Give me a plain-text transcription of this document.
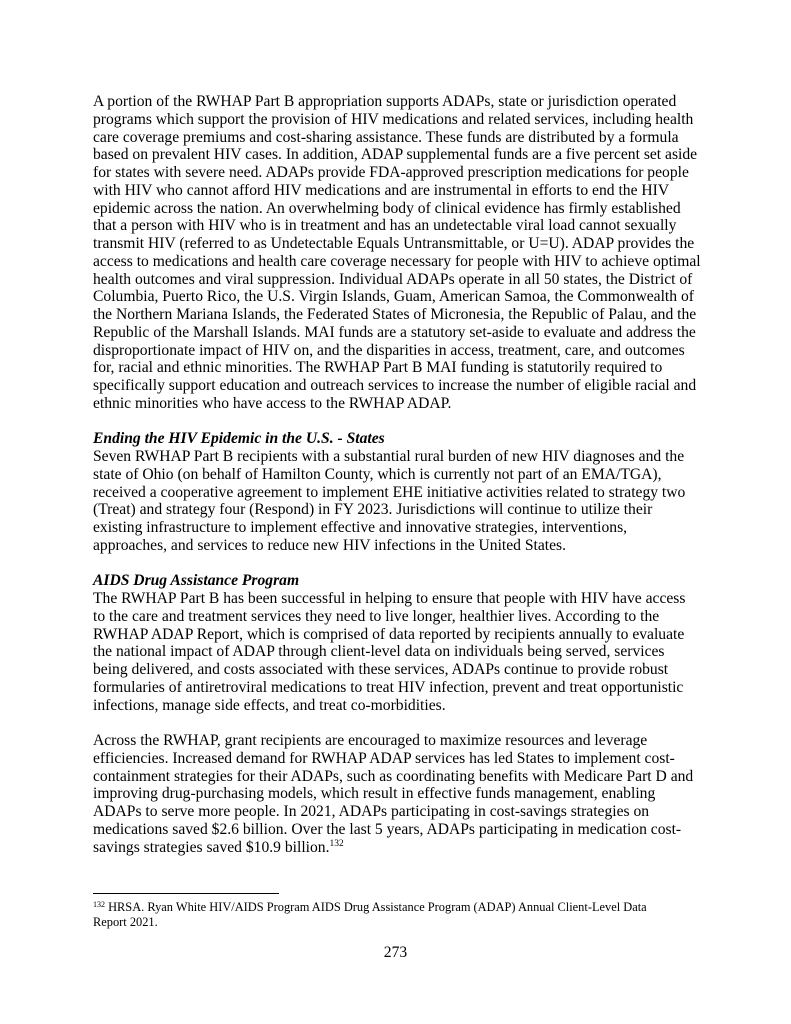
A portion of the RWHAP Part B appropriation supports ADAPs, state or jurisdiction operated
programs which support the provision of HIV medications and related services, including health
care coverage premiums and cost-sharing assistance. These funds are distributed by a formula
based on prevalent HIV cases. In addition, ADAP supplemental funds are a five percent set aside
for states with severe need. ADAPs provide FDA-approved prescription medications for people
with HIV who cannot afford HIV medications and are instrumental in efforts to end the HIV
epidemic across the nation. An overwhelming body of clinical evidence has firmly established
that a person with HIV who is in treatment and has an undetectable viral load cannot sexually
transmit HIV (referred to as Undetectable Equals Untransmittable, or U=U). ADAP provides the
access to medications and health care coverage necessary for people with HIV to achieve optimal
health outcomes and viral suppression. Individual ADAPs operate in all 50 states, the District of
Columbia, Puerto Rico, the U.S. Virgin Islands, Guam, American Samoa, the Commonwealth of
the Northern Mariana Islands, the Federated States of Micronesia, the Republic of Palau, and the
Republic of the Marshall Islands. MAI funds are a statutory set-aside to evaluate and address the
disproportionate impact of HIV on, and the disparities in access, treatment, care, and outcomes
for, racial and ethnic minorities. The RWHAP Part B MAI funding is statutorily required to
specifically support education and outreach services to increase the number of eligible racial and
ethnic minorities who have access to the RWHAP ADAP.

Ending the HIV Epidemic in the U.S. - States

Seven RWHAP Part B recipients with a substantial rural burden of new HIV diagnoses and the
state of Ohio (on behalf of Hamilton County, which is currently not part of an EMA/TGA),
received a cooperative agreement to implement EHE initiative activities related to strategy two
(Treat) and strategy four (Respond) in FY 2023. Jurisdictions will continue to utilize their
existing infrastructure to implement effective and innovative strategies, interventions,
approaches, and services to reduce new HIV infections in the United States.

AIDS Drug Assistance Program

The RWHAP Part B has been successful in helping to ensure that people with HIV have access
to the care and treatment services they need to live longer, healthier lives. According to the
RWHAP ADAP Report, which is comprised of data reported by recipients annually to evaluate
the national impact of ADAP through client-level data on individuals being served, services
being delivered, and costs associated with these services, ADAPs continue to provide robust
formularies of antiretroviral medications to treat HIV infection, prevent and treat opportunistic
infections, manage side effects, and treat co-morbidities.

Across the RWHAP, grant recipients are encouraged to maximize resources and leverage
efficiencies. Increased demand for RWHAP ADAP services has led States to implement cost-
containment strategies for their ADAPs, such as coordinating benefits with Medicare Part D and
improving drug-purchasing models, which result in effective funds management, enabling
ADAPs to serve more people. In 2021, ADAPs participating in cost-savings strategies on
medications saved $2.6 billion. Over the last 5 years, ADAPs participating in medication cost-
savings strategies saved $10.9 billion.$^{132}$

$^{132}$ HRSA. Ryan White HIV/AIDS Program AIDS Drug Assistance Program (ADAP) Annual Client-Level Data
Report 2021.
273
